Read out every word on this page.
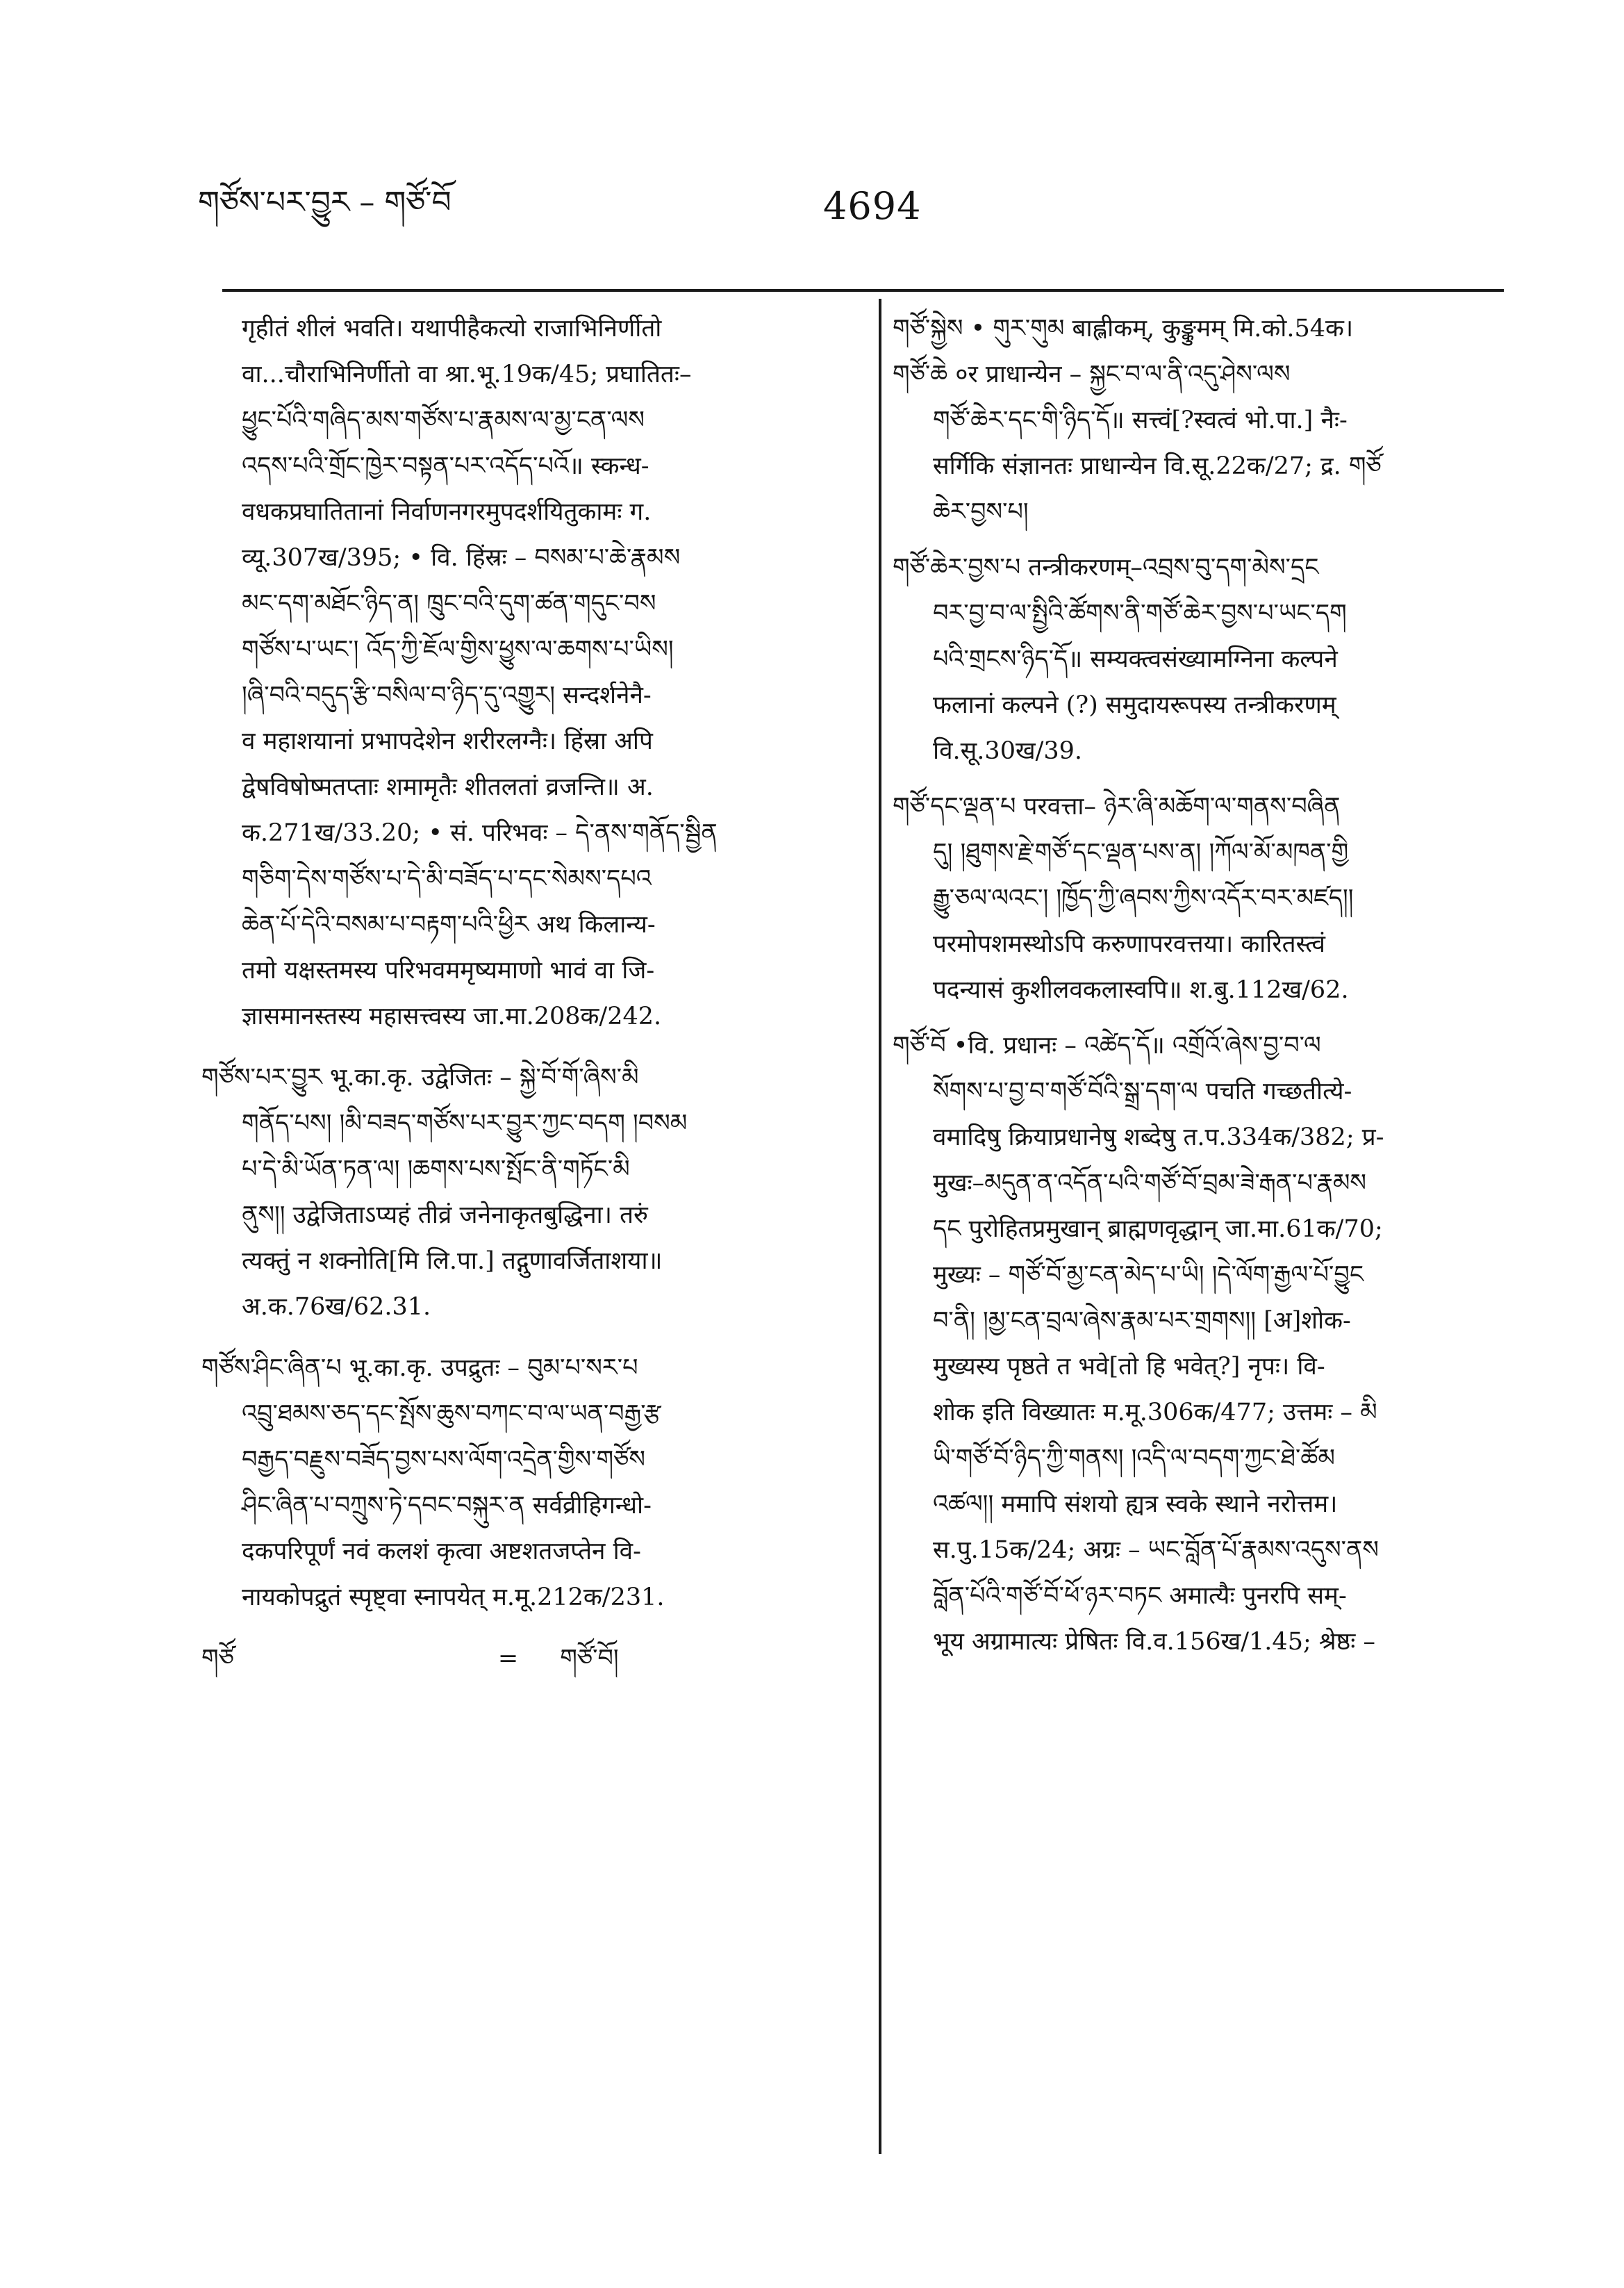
གཙོས་པར་བྱུར – གཙོ་བོ	4694
गृहीतं शीलं भवति। यथापीहैकत्यो राजाभिनिर्णीतो
वा...चौराभिनिर्णीतो वा श्रा.भू.19क/45; प्रघातितः–
ཕྱུང་པོའི་གཞིད་མས་གཙོས་པ་རྣམས་ལ་མྱ་ངན་ལས
འདས་པའི་གྲོང་ཁྱེར་བསྟན་པར་འདོད་པའོ॥ स्कन्ध-
वधकप्रघातितानां निर्वाणनगरमुपदर्शयितुकामः ग.
व्यू.307ख/395; • वि. हिंस्रः – བསམ་པ་ཆེ་རྣམས
མང་དག་མཐོང་ཉིད་ན། ཁྲུང་བའི་དུག་ཚན་གདུང་བས
གཙོས་པ་ཡང་། འོད་ཀྱི་ཇོལ་གྱིས་ཕྱུས་ལ་ཆགས་པ་ཡིས།
།ཞི་བའི་བདུད་རྩི་བསིལ་བ་ཉིད་དུ་འགྱུར། सन्दर्शनेनै-
व महाशयानां प्रभापदेशेन शरीरलग्नैः। हिंस्रा अपि
द्वेषविषोष्मतप्ताः शमामृतैः शीतलतां व्रजन्ति॥ अ.
क.271ख/33.20; • सं. परिभवः – དེ་ནས་གནོད་སྦྱིན
གཅིག་དེས་གཙོས་པ་དེ་མི་བཟོད་པ་དང་སེམས་དཔའ
ཆེན་པོ་དེའི་བསམ་པ་བརྟག་པའི་ཕྱིར अथ किलान्य-
तमो यक्षस्तमस्य परिभवममृष्यमाणो भावं वा जि-
ज्ञासमानस्तस्य महासत्त्वस्य जा.मा.208क/242.
གཙོས་པར་བྱུར भू.का.कृ. उद्वेजितः – སྐྱེ་བོ་གོ་ཞིས་མི
གནོད་པས། །མི་བཟད་གཙོས་པར་བྱུར་ཀྱང་བདག །བསམ
པ་དེ་མི་ཡོན་ཏན་ལ། །ཆགས་པས་སྤོང་ནི་གཏོང་མི
ནུས།། उद्वेजिताऽप्यहं तीव्रं जनेनाकृतबुद्धिना। तरुं
त्यक्तुं न शक्नोति[मि लि.पा.] तद्गुणावर्जिताशया॥
अ.क.76ख/62.31.
གཙོས་ཤིང་ཞིན་པ भू.का.कृ. उपद्रुतः – བུམ་པ་སར་པ
འབྲུ་ཐམས་ཅད་དང་སྤོས་ཆུས་བཀང་བ་ལ་ཡན་བརྒྱ་རྩ
བརྒྱད་བརྗུས་བཟོད་བྱས་པས་ལོག་འདྲེན་གྱིས་གཙོས
ཤིང་ཞིན་པ་བཀྲུས་ཏེ་དབང་བསྐུར་ན सर्वव्रीहिगन्धो-
दकपरिपूर्णं नवं कलशं कृत्वा अष्टशतजप्तेन वि-
नायकोपद्रुतं स्पृष्ट्वा स्नापयेत् म.मू.212क/231.
གཙོ	= གཙོ་བོ།
གཙོ་སྐྱེས • གུར་གུམ बाह्लीकम्, कुङ्कुमम् मि.को.54क।
གཙོ་ཆེ ०र प्राधान्येन – སྐྱང་བ་ལ་ནི་འདུ་ཤེས་ལས
གཙོ་ཆེར་དང་གི་ཉིད་དོ॥ सत्त्वं[?स्वत्वं भो.पा.] नैः-
सर्गिकि संज्ञानतः प्राधान्येन वि.सू.22क/27; द्र. གཙོ
ཆེར་བྱས་པ།
གཙོ་ཆེར་བྱས་པ तन्त्रीकरणम्–འབྲས་བུ་དག་མེས་དྲང
བར་བྱ་བ་ལ་སྤྱིའི་ཚོགས་ནི་གཙོ་ཆེར་བྱས་པ་ཡང་དག
པའི་གྲངས་ཉིད་དོ॥ सम्यक्त्वसंख्यामग्निना कल्पने
फलानां कल्पने (?) समुदायरूपस्य तन्त्रीकरणम्
वि.सू.30ख/39.
གཙོ་དང་ལྡན་པ परवत्ता– ཉེར་ཞི་མཆོག་ལ་གནས་བཞིན
དུ། །ཐུགས་རྗེ་གཙོ་དང་ལྡན་པས་ན། །ཀོལ་མོ་མཁན་གྱི
རྒྱུ་ཅལ་ལའང་། །ཁྱོད་ཀྱི་ཞབས་ཀྱིས་འདོར་བར་མཛད།།
परमोपशमस्थोऽपि करुणापरवत्तया। कारितस्त्वं
पदन्यासं कुशीलवकलास्वपि॥ श.बु.112ख/62.
གཙོ་བོ •वि. प्रधानः – འཚེད་དོ॥ འགྲོའོ་ཞེས་བྱ་བ་ལ
སོགས་པ་བྱ་བ་གཙོ་བོའི་སྒྲ་དག་ལ पचति गच्छतीत्ये-
वमादिषु क्रियाप्रधानेषु शब्देषु त.प.334क/382; प्र-
मुखः–མདུན་ན་འདོན་པའི་གཙོ་བོ་བྲམ་ཟེ་རྒན་པ་རྣམས
དང पुरोहितप्रमुखान् ब्राह्मणवृद्धान् जा.मा.61क/70;
मुख्यः – གཙོ་བོ་མྱ་ངན་མེད་པ་ཡི། །དེ་ལོག་རྒྱལ་པོ་བྱུང
བ་ནི། །མྱ་ངན་བྲལ་ཞེས་རྣམ་པར་གྲགས།། [अ]शोक-
मुख्यस्य पृष्ठते त भवे[तो हि भवेत्?] नृपः। वि-
शोक इति विख्यातः म.मू.306क/477; उत्तमः – མི
ཡི་གཙོ་བོ་ཉིད་ཀྱི་གནས། །འདི་ལ་བདག་ཀྱང་ཐེ་ཚོམ
འཚལ།། ममापि संशयो ह्यत्र स्वके स्थाने नरोत्तम।
स.पु.15क/24; अग्रः – ཡང་བློན་པོ་རྣམས་འདུས་ནས
བློན་པོའི་གཙོ་བོ་ཕོ་ཉར་བཏང अमात्यैः पुनरपि सम्-
भूय अग्रामात्यः प्रेषितः वि.व.156ख/1.45; श्रेष्ठः –
